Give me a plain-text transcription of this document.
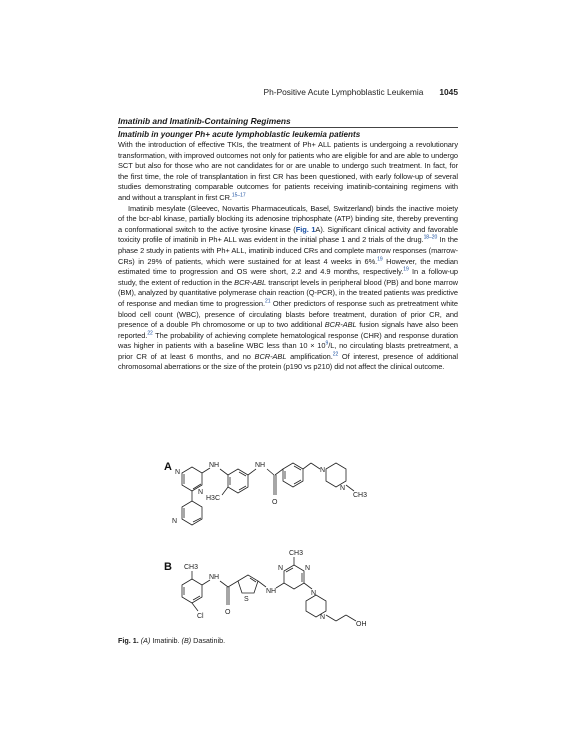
Ph-Positive Acute Lymphoblastic Leukemia 1045
Imatinib and Imatinib-Containing Regimens
Imatinib in younger Ph+ acute lymphoblastic leukemia patients

With the introduction of effective TKIs, the treatment of Ph+ ALL patients is undergoing a revolutionary transformation, with improved outcomes not only for patients who are eligible for and are able to undergo SCT but also for those who are not candidates for or are unable to undergo such treatment. In fact, for the first time, the role of transplantation in first CR has been questioned, with early follow-up of several studies demonstrating comparable outcomes for patients receiving imatinib-containing regimens with and without a transplant in first CR.$^{15-17}$

Imatinib mesylate (Gleevec, Novartis Pharmaceuticals, Basel, Switzerland) binds the inactive moiety of the bcr-abl kinase, partially blocking its adenosine triphosphate (ATP) binding site, thereby preventing a conformational switch to the active tyrosine kinase (Fig. 1A). Significant clinical activity and favorable toxicity profile of imatinib in Ph+ ALL was evident in the initial phase 1 and 2 trials of the drug.$^{18-20}$ In the phase 2 study in patients with Ph+ ALL, imatinib induced CRs and complete marrow responses (marrow-CRs) in 29% of patients, which were sustained for at least 4 weeks in 6%.$^{19}$ However, the median estimated time to progression and OS were short, 2.2 and 4.9 months, respectively.$^{19}$ In a follow-up study, the extent of reduction in the BCR-ABL transcript levels in peripheral blood (PB) and bone marrow (BM), analyzed by quantitative polymerase chain reaction (Q-PCR), in the treated patients was predictive of response and median time to progression.$^{21}$ Other predictors of response such as pretreatment white blood cell count (WBC), presence of circulating blasts before treatment, duration of prior CR, and presence of a double Ph chromosome or up to two additional BCR-ABL fusion signals have also been reported.$^{22}$ The probability of achieving complete hematological response (CHR) and response duration was higher in patients with a baseline WBC less than $10 \times 10^9/L$, no circulating blasts pretreatment, a prior CR of at least 6 months, and no BCR-ABL amplification.$^{22}$ Of interest, presence of additional chromosomal aberrations or the size of the protein (p190 vs p210) did not affect the clinical outcome.

A N
N
N
NH
H3C
NH
O
N
N
CH3
B CH3
Cl
NH
O
S
NH
N	N
CH3
N
N
OH
Fig. 1. (A) Imatinib. (B) Dasatinib.
